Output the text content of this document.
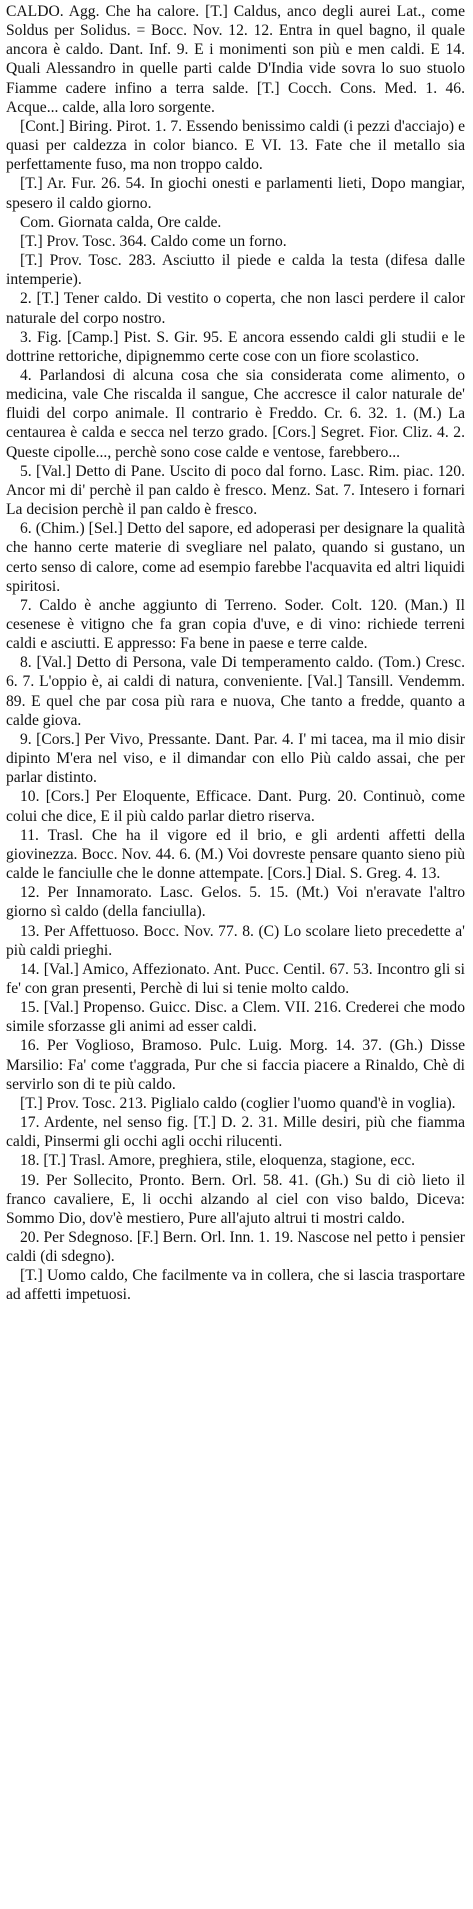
CALDO. Agg. Che ha calore. [T.] Caldus, anco degli aurei Lat., come Soldus per Solidus. = Bocc. Nov. 12. 12. Entra in quel bagno, il quale ancora è caldo. Dant. Inf. 9. E i monimenti son più e men caldi. E 14. Quali Alessandro in quelle parti calde D'India vide sovra lo suo stuolo Fiamme cadere infino a terra salde. [T.] Cocch. Cons. Med. 1. 46. Acque... calde, alla loro sorgente.

[Cont.] Biring. Pirot. 1. 7. Essendo benissimo caldi (i pezzi d'acciajo) e quasi per caldezza in color bianco. E VI. 13. Fate che il metallo sia perfettamente fuso, ma non troppo caldo.

[T.] Ar. Fur. 26. 54. In giochi onesti e parlamenti lieti, Dopo mangiar, spesero il caldo giorno.

Com. Giornata calda, Ore calde.

[T.] Prov. Tosc. 364. Caldo come un forno.

[T.] Prov. Tosc. 283. Asciutto il piede e calda la testa (difesa dalle intemperie).

2. [T.] Tener caldo. Di vestito o coperta, che non lasci perdere il calor naturale del corpo nostro.

3. Fig. [Camp.] Pist. S. Gir. 95. E ancora essendo caldi gli studii e le dottrine rettoriche, dipignemmo certe cose con un fiore scolastico.

4. Parlandosi di alcuna cosa che sia considerata come alimento, o medicina, vale Che riscalda il sangue, Che accresce il calor naturale de' fluidi del corpo animale. Il contrario è Freddo. Cr. 6. 32. 1. (M.) La centaurea è calda e secca nel terzo grado. [Cors.] Segret. Fior. Cliz. 4. 2. Queste cipolle..., perchè sono cose calde e ventose, farebbero...

5. [Val.] Detto di Pane. Uscito di poco dal forno. Lasc. Rim. piac. 120. Ancor mi di' perchè il pan caldo è fresco. Menz. Sat. 7. Intesero i fornari La decision perchè il pan caldo è fresco.

6. (Chim.) [Sel.] Detto del sapore, ed adoperasi per designare la qualità che hanno certe materie di svegliare nel palato, quando si gustano, un certo senso di calore, come ad esempio farebbe l'acquavita ed altri liquidi spiritosi.

7. Caldo è anche aggiunto di Terreno. Soder. Colt. 120. (Man.) Il cesenese è vitigno che fa gran copia d'uve, e di vino: richiede terreni caldi e asciutti. E appresso: Fa bene in paese e terre calde.

8. [Val.] Detto di Persona, vale Di temperamento caldo. (Tom.) Cresc. 6. 7. L'oppio è, ai caldi di natura, conveniente. [Val.] Tansill. Vendemm. 89. E quel che par cosa più rara e nuova, Che tanto a fredde, quanto a calde giova.

9. [Cors.] Per Vivo, Pressante. Dant. Par. 4. I' mi tacea, ma il mio disir dipinto M'era nel viso, e il dimandar con ello Più caldo assai, che per parlar distinto.

10. [Cors.] Per Eloquente, Efficace. Dant. Purg. 20. Continuò, come colui che dice, E il più caldo parlar dietro riserva.

11. Trasl. Che ha il vigore ed il brio, e gli ardenti affetti della giovinezza. Bocc. Nov. 44. 6. (M.) Voi dovreste pensare quanto sieno più calde le fanciulle che le donne attempate. [Cors.] Dial. S. Greg. 4. 13.

12. Per Innamorato. Lasc. Gelos. 5. 15. (Mt.) Voi n'eravate l'altro giorno sì caldo (della fanciulla).

13. Per Affettuoso. Bocc. Nov. 77. 8. (C) Lo scolare lieto precedette a' più caldi prieghi.

14. [Val.] Amico, Affezionato. Ant. Pucc. Centil. 67. 53. Incontro gli si fe' con gran presenti, Perchè di lui si tenie molto caldo.

15. [Val.] Propenso. Guicc. Disc. a Clem. VII. 216. Crederei che modo simile sforzasse gli animi ad esser caldi.

16. Per Voglioso, Bramoso. Pulc. Luig. Morg. 14. 37. (Gh.) Disse Marsilio: Fa' come t'aggrada, Pur che si faccia piacere a Rinaldo, Chè di servirlo son di te più caldo.

[T.] Prov. Tosc. 213. Piglialo caldo (coglier l'uomo quand'è in voglia).

17. Ardente, nel senso fig. [T.] D. 2. 31. Mille desiri, più che fiamma caldi, Pinsermi gli occhi agli occhi rilucenti.

18. [T.] Trasl. Amore, preghiera, stile, eloquenza, stagione, ecc.

19. Per Sollecito, Pronto. Bern. Orl. 58. 41. (Gh.) Su di ciò lieto il franco cavaliere, E, li occhi alzando al ciel con viso baldo, Diceva: Sommo Dio, dov'è mestiero, Pure all'ajuto altrui ti mostri caldo.

20. Per Sdegnoso. [F.] Bern. Orl. Inn. 1. 19. Nascose nel petto i pensier caldi (di sdegno).

[T.] Uomo caldo, Che facilmente va in collera, che si lascia trasportare ad affetti impetuosi.
